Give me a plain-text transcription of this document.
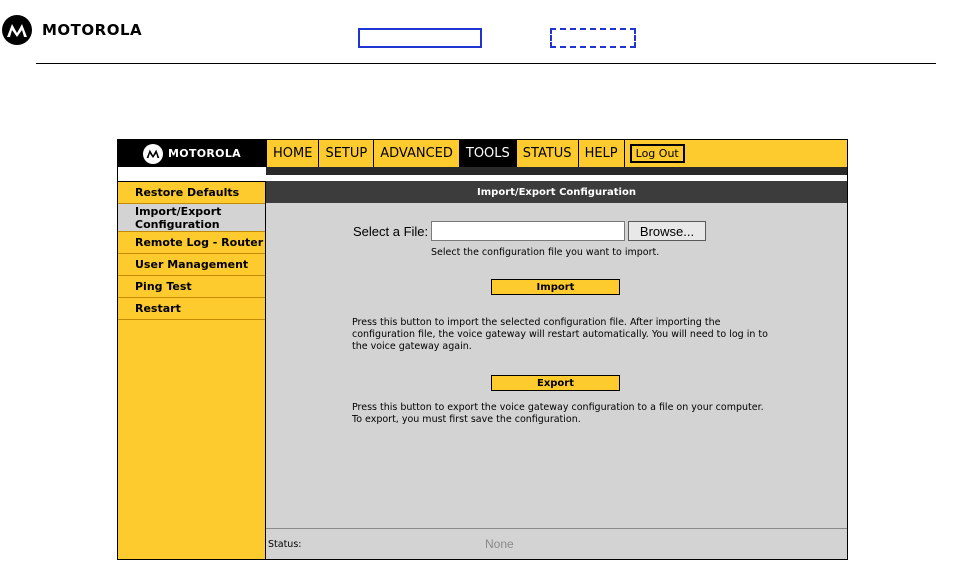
MOTOROLA
MOTOROLA	HOME	SETUP	ADVANCED	TOOLS	STATUS	HELP	Log Out
Restore Defaults
Import/Export Configuration
Remote Log - Router
User Management
Ping Test
Restart
Import/Export Configuration
Select a File:	Browse...
Select the configuration file you want to import.
Import
Press this button to import the selected configuration file. After importing the configuration file, the voice gateway will restart automatically. You will need to log in to the voice gateway again.
Export
Press this button to export the voice gateway configuration to a file on your computer. To export, you must first save the configuration.
Status:	None
